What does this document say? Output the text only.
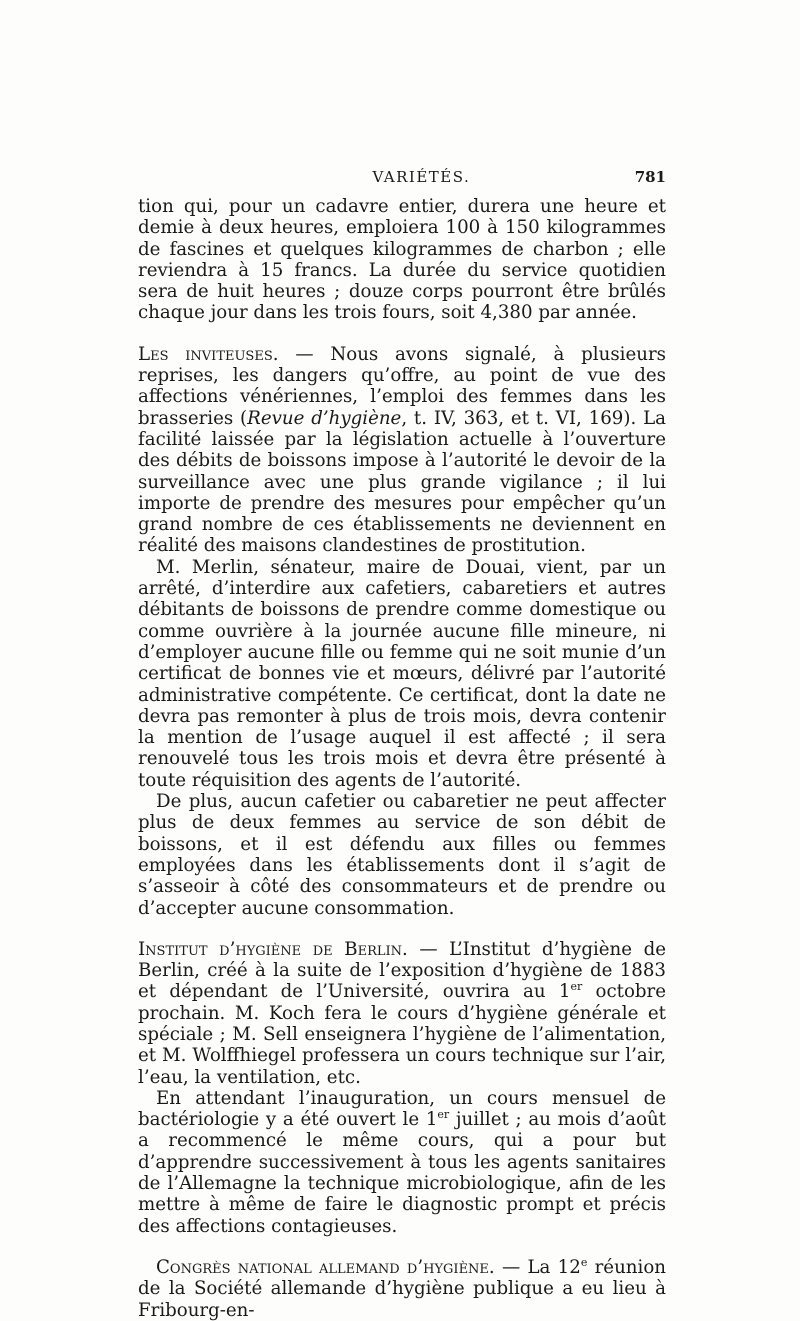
VARIÉTÉS.	781

tion qui, pour un cadavre entier, durera une heure et demie à deux heures, emploiera 100 à 150 kilogrammes de fascines et quelques kilogrammes de charbon ; elle reviendra à 15 francs. La durée du service quotidien sera de huit heures ; douze corps pourront être brûlés chaque jour dans les trois fours, soit 4,380 par année.

Les inviteuses. — Nous avons signalé, à plusieurs reprises, les dangers qu’offre, au point de vue des affections vénériennes, l’emploi des femmes dans les brasseries (Revue d’hygiène, t. IV, 363, et t. VI, 169). La facilité laissée par la législation actuelle à l’ouverture des débits de boissons impose à l’autorité le devoir de la surveillance avec une plus grande vigilance ; il lui importe de prendre des mesures pour empêcher qu’un grand nombre de ces établissements ne deviennent en réalité des maisons clandestines de prostitution.

M. Merlin, sénateur, maire de Douai, vient, par un arrêté, d’interdire aux cafetiers, cabaretiers et autres débitants de boissons de prendre comme domestique ou comme ouvrière à la journée aucune fille mineure, ni d’employer aucune fille ou femme qui ne soit munie d’un certificat de bonnes vie et mœurs, délivré par l’autorité administrative compétente. Ce certificat, dont la date ne devra pas remonter à plus de trois mois, devra contenir la mention de l’usage auquel il est affecté ; il sera renouvelé tous les trois mois et devra être présenté à toute réquisition des agents de l’autorité.

De plus, aucun cafetier ou cabaretier ne peut affecter plus de deux femmes au service de son débit de boissons, et il est défendu aux filles ou femmes employées dans les établissements dont il s’agit de s’asseoir à côté des consommateurs et de prendre ou d’accepter aucune consommation.

Institut d’hygiène de Berlin. — L’Institut d’hygiène de Berlin, créé à la suite de l’exposition d’hygiène de 1883 et dépendant de l’Université, ouvrira au 1er octobre prochain. M. Koch fera le cours d’hygiène générale et spéciale ; M. Sell enseignera l’hygiène de l’alimentation, et M. Wolffhiegel professera un cours technique sur l’air, l’eau, la ventilation, etc.

En attendant l’inauguration, un cours mensuel de bactériologie y a été ouvert le 1er juillet ; au mois d’août a recommencé le même cours, qui a pour but d’apprendre successivement à tous les agents sanitaires de l’Allemagne la technique microbiologique, afin de les mettre à même de faire le diagnostic prompt et précis des affections contagieuses.

Congrès national allemand d’hygiène. — La 12e réunion de la Société allemande d’hygiène publique a eu lieu à Fribourg-en-
